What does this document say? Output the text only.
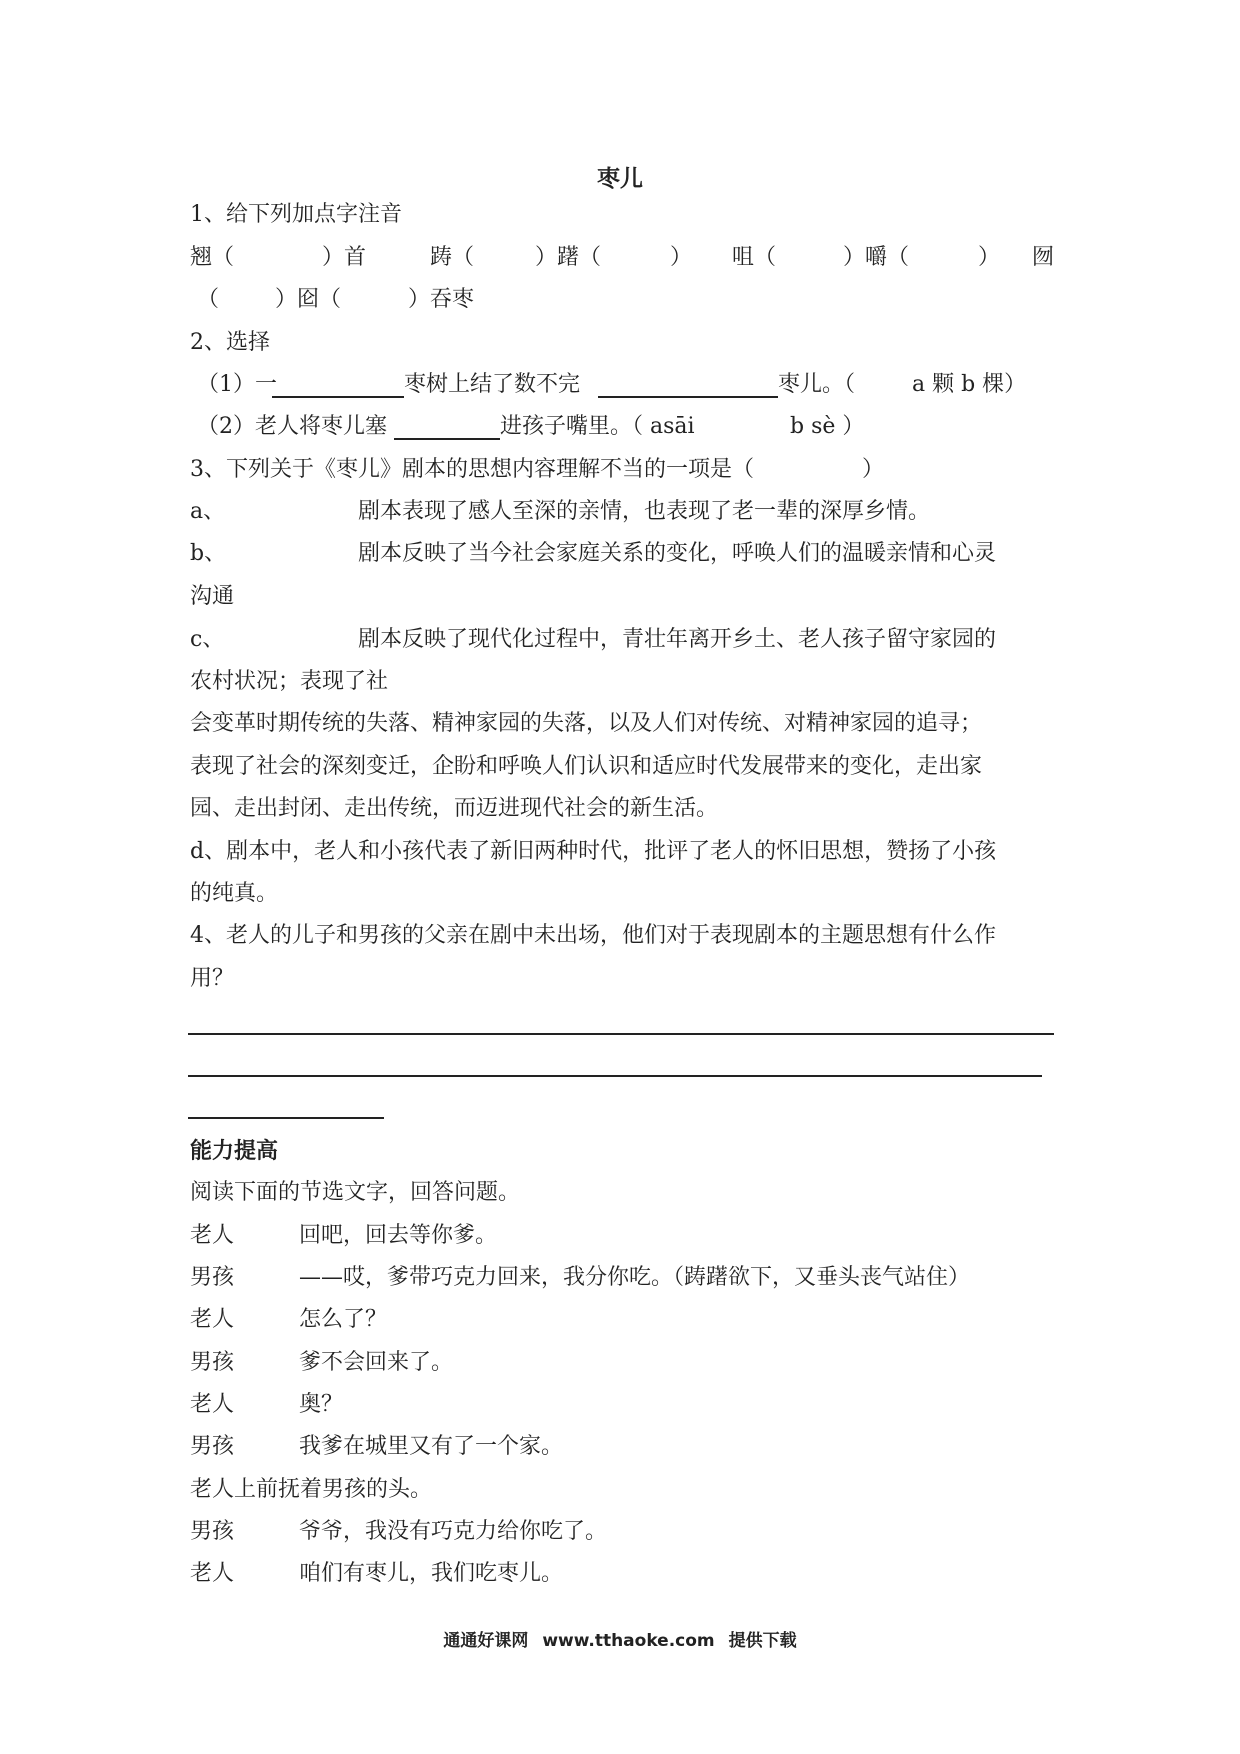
枣儿
1、给下列加点字注音
翘（	）首	踌（	）躇（	） 咀（	）嚼（	） 囫
（	）囵（	）吞枣
2、选择
（1）一	枣树上结了数不完	枣儿。（	a 颗 b 棵）
（2）老人将枣儿塞	进孩子嘴里。（ asāi	b sè ）
3、下列关于《枣儿》剧本的思想内容理解不当的一项是（	）
a、	剧本表现了感人至深的亲情，也表现了老一辈的深厚乡情。
b、	剧本反映了当今社会家庭关系的变化，呼唤人们的温暖亲情和心灵
沟通
c、	剧本反映了现代化过程中，青壮年离开乡土、老人孩子留守家园的
农村状况；表现了社
会变革时期传统的失落、精神家园的失落，以及人们对传统、对精神家园的追寻；
表现了社会的深刻变迁，企盼和呼唤人们认识和适应时代发展带来的变化，走出家
园、走出封闭、走出传统，而迈进现代社会的新生活。
d、剧本中，老人和小孩代表了新旧两种时代，批评了老人的怀旧思想，赞扬了小孩
的纯真。
4、老人的儿子和男孩的父亲在剧中未出场，他们对于表现剧本的主题思想有什么作
用？
能力提高
阅读下面的节选文字，回答问题。
老人	回吧，回去等你爹。
男孩	——哎，爹带巧克力回来，我分你吃。（踌躇欲下，又垂头丧气站住）
老人	怎么了？
男孩	爹不会回来了。
老人	奥？
男孩	我爹在城里又有了一个家。
老人上前抚着男孩的头。
男孩	爷爷，我没有巧克力给你吃了。
老人	咱们有枣儿，我们吃枣儿。
通通好课网 www.tthaoke.com 提供下载
